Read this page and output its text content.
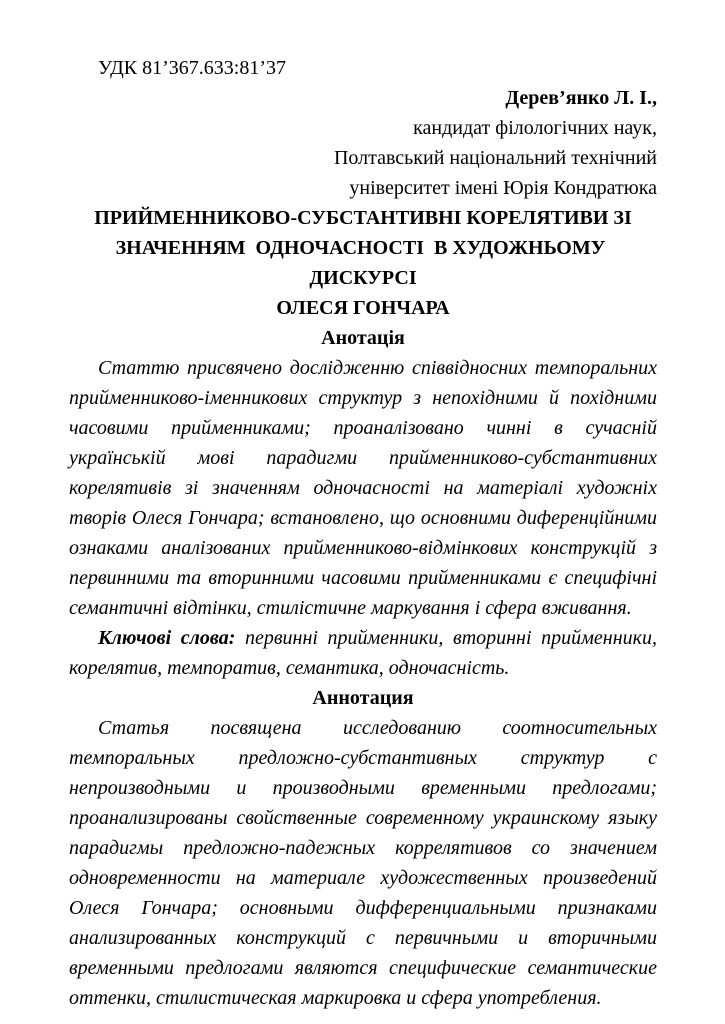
УДК 81’367.633:81’37

Дерев’янко Л. І.,
кандидат філологічних наук,
Полтавський національний технічний
університет імені Юрія Кондратюка
ПРИЙМЕННИКОВО-СУБСТАНТИВНІ КОРЕЛЯТИВИ ЗІ
ЗНАЧЕННЯМ  ОДНОЧАСНОСТІ  В ХУДОЖНЬОМУ  ДИСКУРСІ
ОЛЕСЯ ГОНЧАРА
Анотація

Статтю присвячено дослідженню співвідносних темпоральних прийменниково-іменникових структур з непохідними й похідними часовими прийменниками; проаналізовано чинні в сучасній українській мові парадигми прийменниково-субстантивних корелятивів зі значенням одночасності на матеріалі художніх творів Олеся Гончара; встановлено, що основними диференційними ознаками аналізованих прийменниково-відмінкових конструкцій з первинними та вторинними часовими прийменниками є специфічні семантичні відтінки, стилістичне маркування і сфера вживання.

Ключові слова: первинні прийменники, вторинні прийменники, корелятив, темпоратив, семантика, одночасність.

Аннотация

Статья посвящена исследованию соотносительных темпоральных предложно-субстантивных структур с непроизводными и производными временными предлогами; проанализированы свойственные современному украинскому языку парадигмы предложно-падежных коррелятивов со значением одновременности на материале художественных произведений Олеся Гончара; основными дифференциальными признаками анализированных конструкций с первичными и вторичными временными предлогами являются специфические семантические оттенки, стилистическая маркировка и сфера употребления.
